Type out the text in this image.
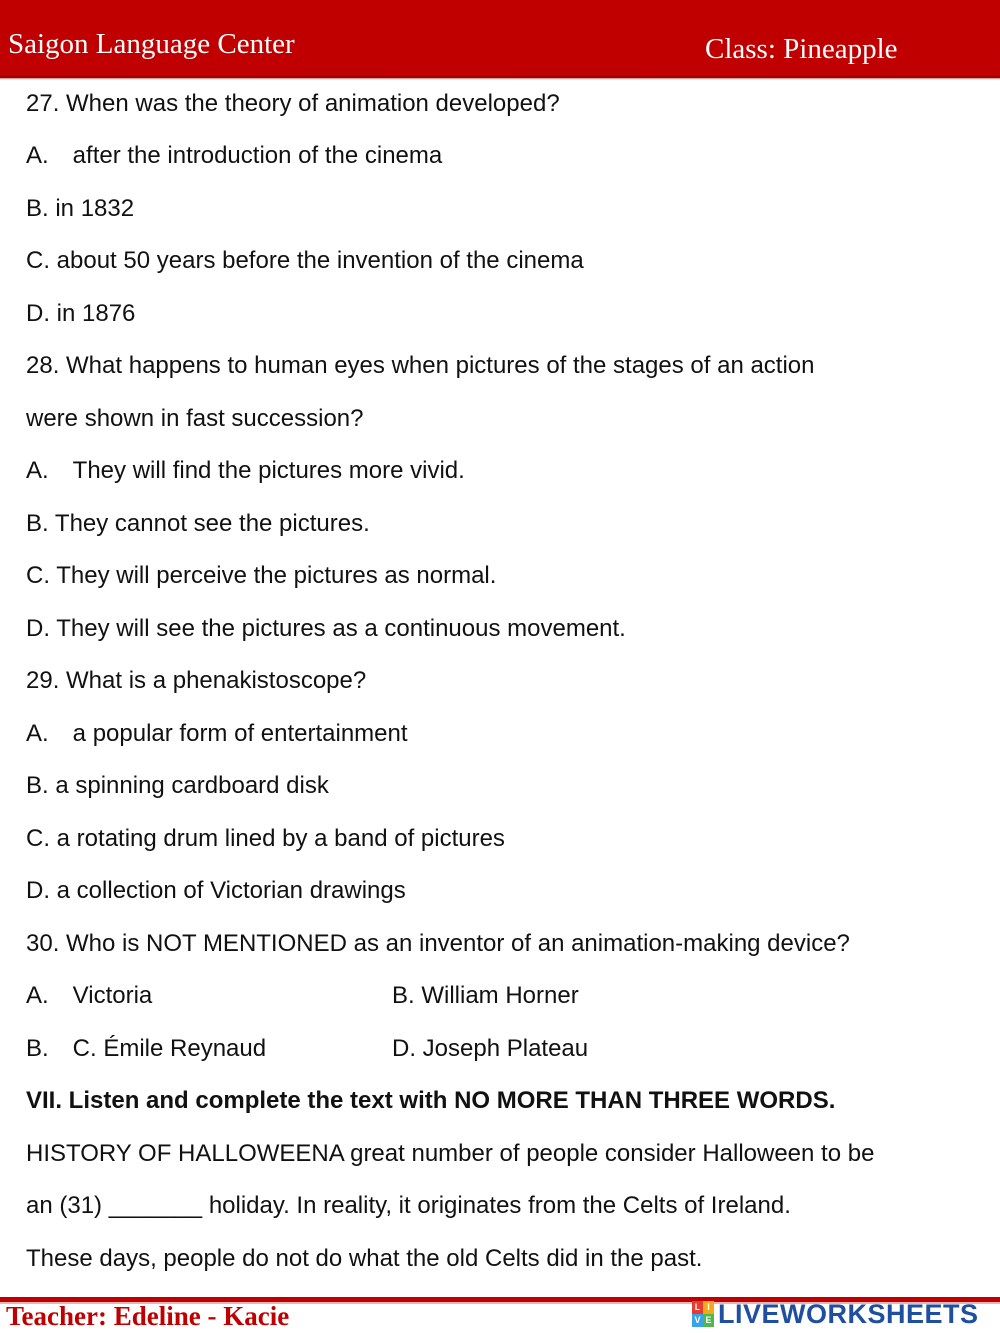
Saigon Language Center	Class: Pineapple
27. When was the theory of animation developed?
A. after the introduction of the cinema
B. in 1832
C. about 50 years before the invention of the cinema
D. in 1876
28. What happens to human eyes when pictures of the stages of an action
were shown in fast succession?
A. They will find the pictures more vivid.
B. They cannot see the pictures.
C. They will perceive the pictures as normal.
D. They will see the pictures as a continuous movement.
29. What is a phenakistoscope?
A. a popular form of entertainment
B. a spinning cardboard disk
C. a rotating drum lined by a band of pictures
D. a collection of Victorian drawings
30. Who is NOT MENTIONED as an inventor of an animation-making device?
A. Victoria	B. William Horner
B. C. Émile Reynaud	D. Joseph Plateau
VII. Listen and complete the text with NO MORE THAN THREE WORDS.
HISTORY OF HALLOWEENA great number of people consider Halloween to be
an (31) _______ holiday. In reality, it originates from the Celts of Ireland.
These days, people do not do what the old Celts did in the past.
Teacher: Edeline - Kacie	L I
V E LIVEWORKSHEETS
